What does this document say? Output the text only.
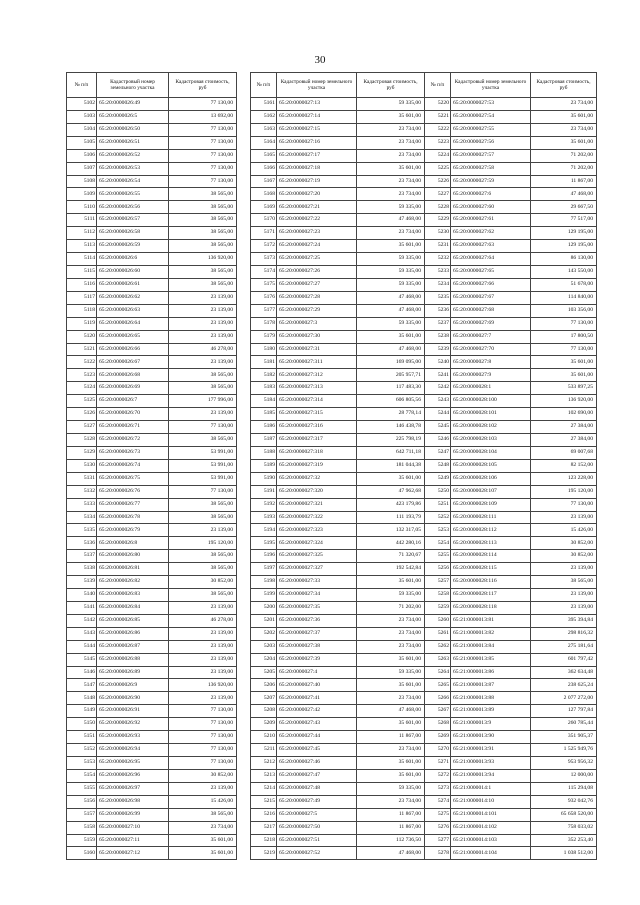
30
№ п/п	Кадастровый номер земельного участка	Кадастровая стоимость, руб
5102	65:20:0000026:49	77 130,00
5103	65:20:0000026:5	13 692,00
5104	65:20:0000026:50	77 130,00
5105	65:20:0000026:51	77 130,00
5106	65:20:0000026:52	77 130,00
5107	65:20:0000026:53	77 130,00
5108	65:20:0000026:54	77 130,00
5109	65:20:0000026:55	38 565,00
5110	65:20:0000026:56	38 565,00
5111	65:20:0000026:57	38 565,00
5112	65:20:0000026:58	38 565,00
5113	65:20:0000026:59	38 565,00
5114	65:20:0000026:6	136 920,00
5115	65:20:0000026:60	38 565,00
5116	65:20:0000026:61	38 565,00
5117	65:20:0000026:62	23 139,00
5118	65:20:0000026:63	23 139,00
5119	65:20:0000026:64	23 139,00
5120	65:20:0000026:65	23 139,00
5121	65:20:0000026:66	46 278,00
5122	65:20:0000026:67	23 139,00
5123	65:20:0000026:68	38 565,00
5124	65:20:0000026:69	38 565,00
5125	65:20:0000026:7	177 996,00
5126	65:20:0000026:70	23 139,00
5127	65:20:0000026:71	77 130,00
5128	65:20:0000026:72	38 565,00
5129	65:20:0000026:73	53 991,00
5130	65:20:0000026:74	53 991,00
5131	65:20:0000026:75	53 991,00
5132	65:20:0000026:76	77 130,00
5133	65:20:0000026:77	38 565,00
5134	65:20:0000026:78	38 565,00
5135	65:20:0000026:79	23 139,00
5136	65:20:0000026:8	195 120,00
5137	65:20:0000026:80	38 565,00
5138	65:20:0000026:81	38 565,00
5139	65:20:0000026:82	30 852,00
5140	65:20:0000026:83	38 565,00
5141	65:20:0000026:84	23 139,00
5142	65:20:0000026:85	46 278,00
5143	65:20:0000026:86	23 139,00
5144	65:20:0000026:87	23 139,00
5145	65:20:0000026:88	23 139,00
5146	65:20:0000026:89	23 139,00
5147	65:20:0000026:9	136 920,00
5148	65:20:0000026:90	23 139,00
5149	65:20:0000026:91	77 130,00
5150	65:20:0000026:92	77 130,00
5151	65:20:0000026:93	77 130,00
5152	65:20:0000026:94	77 130,00
5153	65:20:0000026:95	77 130,00
5154	65:20:0000026:96	30 852,00
5155	65:20:0000026:97	23 139,00
5156	65:20:0000026:98	15 426,00
5157	65:20:0000026:99	38 565,00
5158	65:20:0000027:10	23 734,00
5159	65:20:0000027:11	35 601,00
5160	65:20:0000027:12	35 601,00
№ п/п	Кадастровый номер земельного участка	Кадастровая стоимость, руб
5161	65:20:0000027:13	59 335,00
5162	65:20:0000027:14	35 601,00
5163	65:20:0000027:15	23 734,00
5164	65:20:0000027:16	23 734,00
5165	65:20:0000027:17	23 734,00
5166	65:20:0000027:18	35 601,00
5167	65:20:0000027:19	23 734,00
5168	65:20:0000027:20	23 734,00
5169	65:20:0000027:21	59 335,00
5170	65:20:0000027:22	47 468,00
5171	65:20:0000027:23	23 734,00
5172	65:20:0000027:24	35 601,00
5173	65:20:0000027:25	59 335,00
5174	65:20:0000027:26	59 335,00
5175	65:20:0000027:27	59 335,00
5176	65:20:0000027:28	47 468,00
5177	65:20:0000027:29	47 468,00
5178	65:20:0000027:3	59 335,00
5179	65:20:0000027:30	35 601,00
5180	65:20:0000027:31	47 468,00
5181	65:20:0000027:311	169 095,00
5182	65:20:0000027:312	205 957,71
5183	65:20:0000027:313	117 483,30
5184	65:20:0000027:314	606 805,56
5185	65:20:0000027:315	28 778,14
5186	65:20:0000027:316	146 438,78
5187	65:20:0000027:317	225 798,19
5188	65:20:0000027:318	642 711,18
5189	65:20:0000027:319	181 044,38
5190	65:20:0000027:32	35 601,00
5191	65:20:0000027:320	47 962,68
5192	65:20:0000027:321	423 179,86
5193	65:20:0000027:322	111 193,79
5194	65:20:0000027:323	132 317,05
5195	65:20:0000027:324	442 280,16
5196	65:20:0000027:325	71 320,67
5197	65:20:0000027:327	192 542,84
5198	65:20:0000027:33	35 601,00
5199	65:20:0000027:34	59 335,00
5200	65:20:0000027:35	71 202,00
5201	65:20:0000027:36	23 734,00
5202	65:20:0000027:37	23 734,00
5203	65:20:0000027:38	23 734,00
5204	65:20:0000027:39	35 601,00
5205	65:20:0000027:4	59 335,00
5206	65:20:0000027:40	35 601,00
5207	65:20:0000027:41	23 734,00
5208	65:20:0000027:42	47 468,00
5209	65:20:0000027:43	35 601,00
5210	65:20:0000027:44	11 867,00
5211	65:20:0000027:45	23 734,00
5212	65:20:0000027:46	35 601,00
5213	65:20:0000027:47	35 601,00
5214	65:20:0000027:48	59 335,00
5215	65:20:0000027:49	23 734,00
5216	65:20:0000027:5	11 867,00
5217	65:20:0000027:50	11 867,00
5218	65:20:0000027:51	112 736,50
5219	65:20:0000027:52	47 468,00
№ п/п	Кадастровый номер земельного участка	Кадастровая стоимость, руб
5220	65:20:0000027:53	23 734,00
5221	65:20:0000027:54	35 601,00
5222	65:20:0000027:55	23 734,00
5223	65:20:0000027:56	35 601,00
5224	65:20:0000027:57	71 202,00
5225	65:20:0000027:58	71 202,00
5226	65:20:0000027:59	11 867,00
5227	65:20:0000027:6	47 468,00
5228	65:20:0000027:60	29 667,50
5229	65:20:0000027:61	77 517,00
5230	65:20:0000027:62	129 195,00
5231	65:20:0000027:63	129 195,00
5232	65:20:0000027:64	86 130,00
5233	65:20:0000027:65	143 550,00
5234	65:20:0000027:66	51 678,00
5235	65:20:0000027:67	114 840,00
5236	65:20:0000027:68	103 356,00
5237	65:20:0000027:69	77 130,00
5238	65:20:0000027:7	17 800,50
5239	65:20:0000027:70	77 130,00
5240	65:20:0000027:8	35 601,00
5241	65:20:0000027:9	35 601,00
5242	65:20:0000028:1	533 897,25
5243	65:20:0000028:100	136 920,00
5244	65:20:0000028:101	102 690,00
5245	65:20:0000028:102	27 384,00
5246	65:20:0000028:103	27 384,00
5247	65:20:0000028:104	69 007,68
5248	65:20:0000028:105	82 152,00
5249	65:20:0000028:106	123 228,00
5250	65:20:0000028:107	195 120,00
5251	65:20:0000028:109	77 130,00
5252	65:20:0000028:111	23 139,00
5253	65:20:0000028:112	15 426,00
5254	65:20:0000028:113	30 852,00
5255	65:20:0000028:114	30 852,00
5256	65:20:0000028:115	23 139,00
5257	65:20:0000028:116	38 565,00
5258	65:20:0000028:117	23 139,00
5259	65:20:0000028:118	23 139,00
5260	65:21:0000013:81	395 394,84
5261	65:21:0000013:82	298 816,32
5262	65:21:0000013:84	275 181,64
5263	65:21:0000013:85	601 797,42
5264	65:21:0000013:86	362 634,48
5265	65:21:0000013:87	238 625,24
5266	65:21:0000013:88	2 077 272,00
5267	65:21:0000013:89	127 797,84
5268	65:21:0000013:9	260 785,44
5269	65:21:0000013:90	351 905,37
5270	65:21:0000013:91	1 525 949,76
5271	65:21:0000013:93	953 956,32
5272	65:21:0000013:94	12 000,00
5273	65:21:0000014:1	115 294,08
5274	65:21:0000014:10	932 042,76
5275	65:21:0000014:101	65 658 520,00
5276	65:21:0000014:102	758 033,02
5277	65:21:0000014:103	352 253,40
5278	65:21:0000014:104	1 038 512,00
